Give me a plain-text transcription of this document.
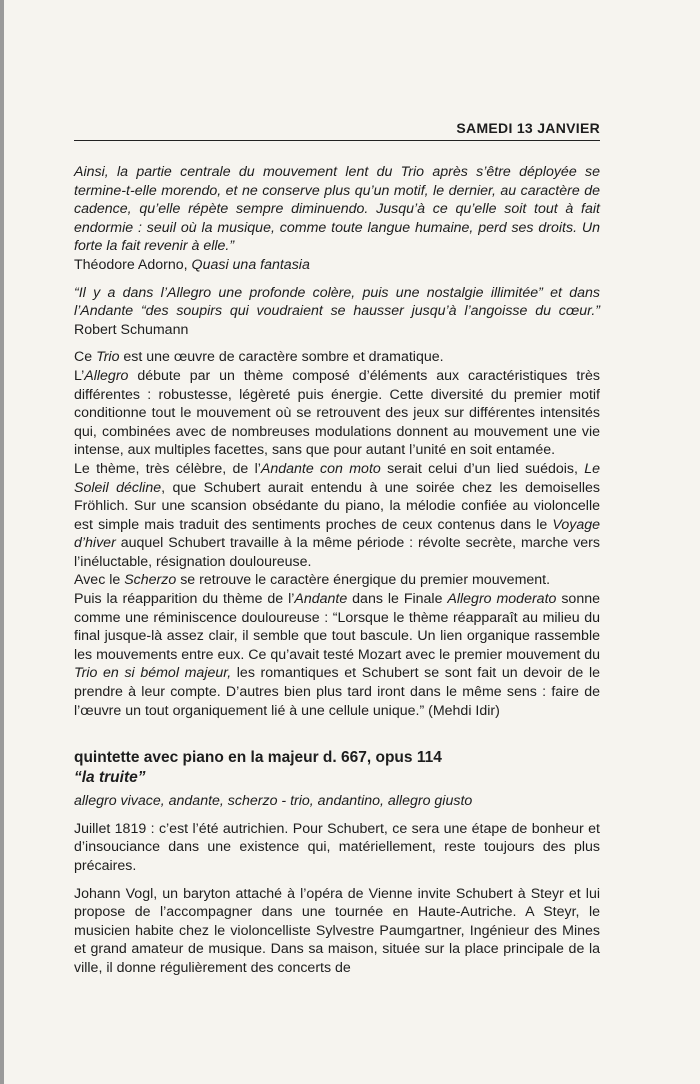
SAMEDI 13 JANVIER

Ainsi, la partie centrale du mouvement lent du Trio après s’être déployée se termine-t-elle morendo, et ne conserve plus qu’un motif, le dernier, au caractère de cadence, qu’elle répète sempre diminuendo. Jusqu’à ce qu’elle soit tout à fait endormie : seuil où la musique, comme toute langue humaine, perd ses droits. Un forte la fait revenir à elle.”

Théodore Adorno, Quasi una fantasia

“Il y a dans l’Allegro une profonde colère, puis une nostalgie illimitée” et dans l’Andante “des soupirs qui voudraient se hausser jusqu’à l’angoisse du cœur.” Robert Schumann

Ce Trio est une œuvre de caractère sombre et dramatique.

L’Allegro débute par un thème composé d’éléments aux caractéristiques très différentes : robustesse, légèreté puis énergie. Cette diversité du premier motif conditionne tout le mouvement où se retrouvent des jeux sur différentes intensités qui, combinées avec de nombreuses modulations donnent au mouvement une vie intense, aux multiples facettes, sans que pour autant l’unité en soit entamée.

Le thème, très célèbre, de l’Andante con moto serait celui d’un lied suédois, Le Soleil décline, que Schubert aurait entendu à une soirée chez les demoiselles Fröhlich. Sur une scansion obsédante du piano, la mélodie confiée au violoncelle est simple mais traduit des sentiments proches de ceux contenus dans le Voyage d’hiver auquel Schubert travaille à la même période : révolte secrète, marche vers l’inéluctable, résignation douloureuse.

Avec le Scherzo se retrouve le caractère énergique du premier mouvement.

Puis la réapparition du thème de l’Andante dans le Finale Allegro moderato sonne comme une réminiscence douloureuse : “Lorsque le thème réapparaît au milieu du final jusque-là assez clair, il semble que tout bascule. Un lien organique rassemble les mouvements entre eux. Ce qu’avait testé Mozart avec le premier mouvement du Trio en si bémol majeur, les romantiques et Schubert se sont fait un devoir de le prendre à leur compte. D’autres bien plus tard iront dans le même sens : faire de l’œuvre un tout organiquement lié à une cellule unique.” (Mehdi Idir)

quintette avec piano en la majeur d. 667, opus 114

“la truite”

allegro vivace, andante, scherzo - trio, andantino, allegro giusto

Juillet 1819 : c’est l’été autrichien. Pour Schubert, ce sera une étape de bonheur et d’insouciance dans une existence qui, matériellement, reste toujours des plus précaires.

Johann Vogl, un baryton attaché à l’opéra de Vienne invite Schubert à Steyr et lui propose de l’accompagner dans une tournée en Haute-Autriche. A Steyr, le musicien habite chez le violoncelliste Sylvestre Paumgartner, Ingénieur des Mines et grand amateur de musique. Dans sa maison, située sur la place principale de la ville, il donne régulièrement des concerts de
